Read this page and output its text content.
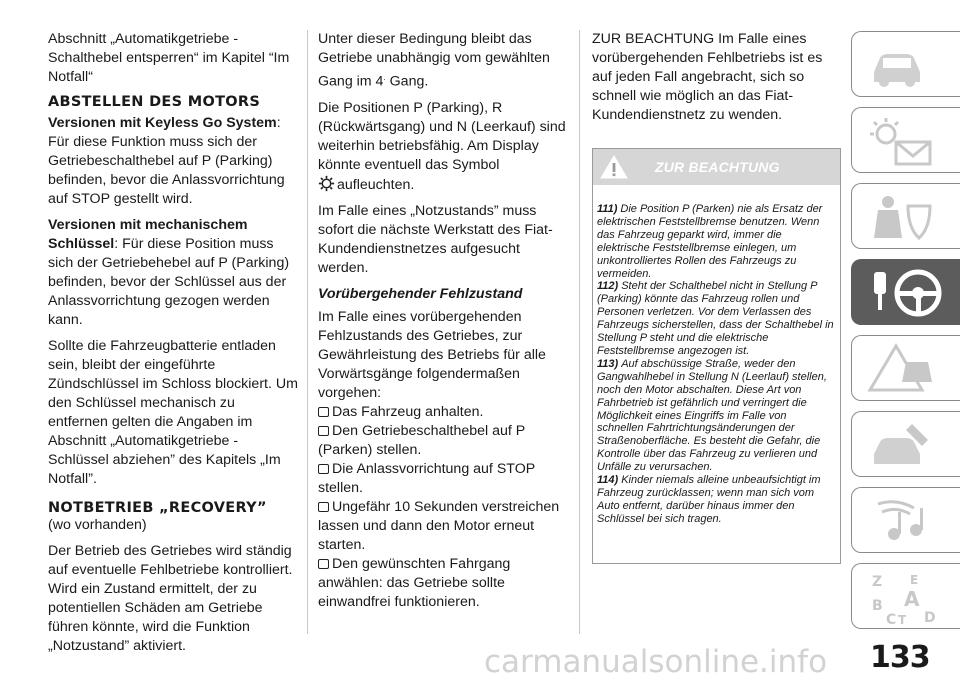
Abschnitt „Automatikgetriebe - Schalthebel entsperren“ im Kapitel “Im Notfall“

ABSTELLEN DES MOTORS

Versionen mit Keyless Go System: Für diese Funktion muss sich der Getriebeschalthebel auf P (Parking) befinden, bevor die Anlassvorrichtung auf STOP gestellt wird.

Versionen mit mechanischem Schlüssel: Für diese Position muss sich der Getriebehebel auf P (Parking) befinden, bevor der Schlüssel aus der Anlassvorrichtung gezogen werden kann.

Sollte die Fahrzeugbatterie entladen sein, bleibt der eingeführte Zündschlüssel im Schloss blockiert. Um den Schlüssel mechanisch zu entfernen gelten die Angaben im Abschnitt „Automatikgetriebe - Schlüssel abziehen” des Kapitels „Im Notfall”.

NOTBETRIEB „RECOVERY”

(wo vorhanden)

Der Betrieb des Getriebes wird ständig auf eventuelle Fehlbetriebe kontrolliert. Wird ein Zustand ermittelt, der zu potentiellen Schäden am Getriebe führen könnte, wird die Funktion „Notzustand” aktiviert.

Unter dieser Bedingung bleibt das Getriebe unabhängig vom gewählten Gang im 4. Gang.

Die Positionen P (Parking), R (Rückwärtsgang) und N (Leerkauf) sind weiterhin betriebsfähig. Am Display könnte eventuell das Symbol
aufleuchten.

Im Falle eines „Notzustands” muss sofort die nächste Werkstatt des Fiat-Kundendienstnetzes aufgesucht werden.

Vorübergehender Fehlzustand

Im Falle eines vorübergehenden Fehlzustands des Getriebes, zur Gewährleistung des Betriebs für alle Vorwärtsgänge folgendermaßen vorgehen:

Das Fahrzeug anhalten.
Den Getriebeschalthebel auf P (Parken) stellen.
Die Anlassvorrichtung auf STOP stellen.
Ungefähr 10 Sekunden verstreichen lassen und dann den Motor erneut starten.
Den gewünschten Fahrgang anwählen: das Getriebe sollte einwandfrei funktionieren.

ZUR BEACHTUNG Im Falle eines vorübergehenden Fehlbetriebs ist es auf jeden Fall angebracht, sich so schnell wie möglich an das Fiat-Kundendienstnetz zu wenden.

ZUR BEACHTUNG

111) Die Position P (Parken) nie als Ersatz der elektrischen Feststellbremse benutzen. Wenn das Fahrzeug geparkt wird, immer die elektrische Feststellbremse einlegen, um unkontrolliertes Rollen des Fahrzeugs zu vermeiden.

112) Steht der Schalthebel nicht in Stellung P (Parking) könnte das Fahrzeug rollen und Personen verletzen. Vor dem Verlassen des Fahrzeugs sicherstellen, dass der Schalthebel in Stellung P steht und die elektrische Feststellbremse angezogen ist.

113) Auf abschüssige Straße, weder den Gangwahlhebel in Stellung N (Leerlauf) stellen, noch den Motor abschalten. Diese Art von Fahrbetrieb ist gefährlich und verringert die Möglichkeit eines Eingriffs im Falle von schnellen Fahrtrichtungsänderungen der Straßenoberfläche. Es besteht die Gefahr, die Kontrolle über das Fahrzeug zu verlieren und Unfälle zu verursachen.

114) Kinder niemals alleine unbeaufsichtigt im Fahrzeug zurücklassen; wenn man sich vom Auto entfernt, darüber hinaus immer den Schlüssel bei sich tragen.

Z E
A
B
C T D
carmanualsonline.info 133
